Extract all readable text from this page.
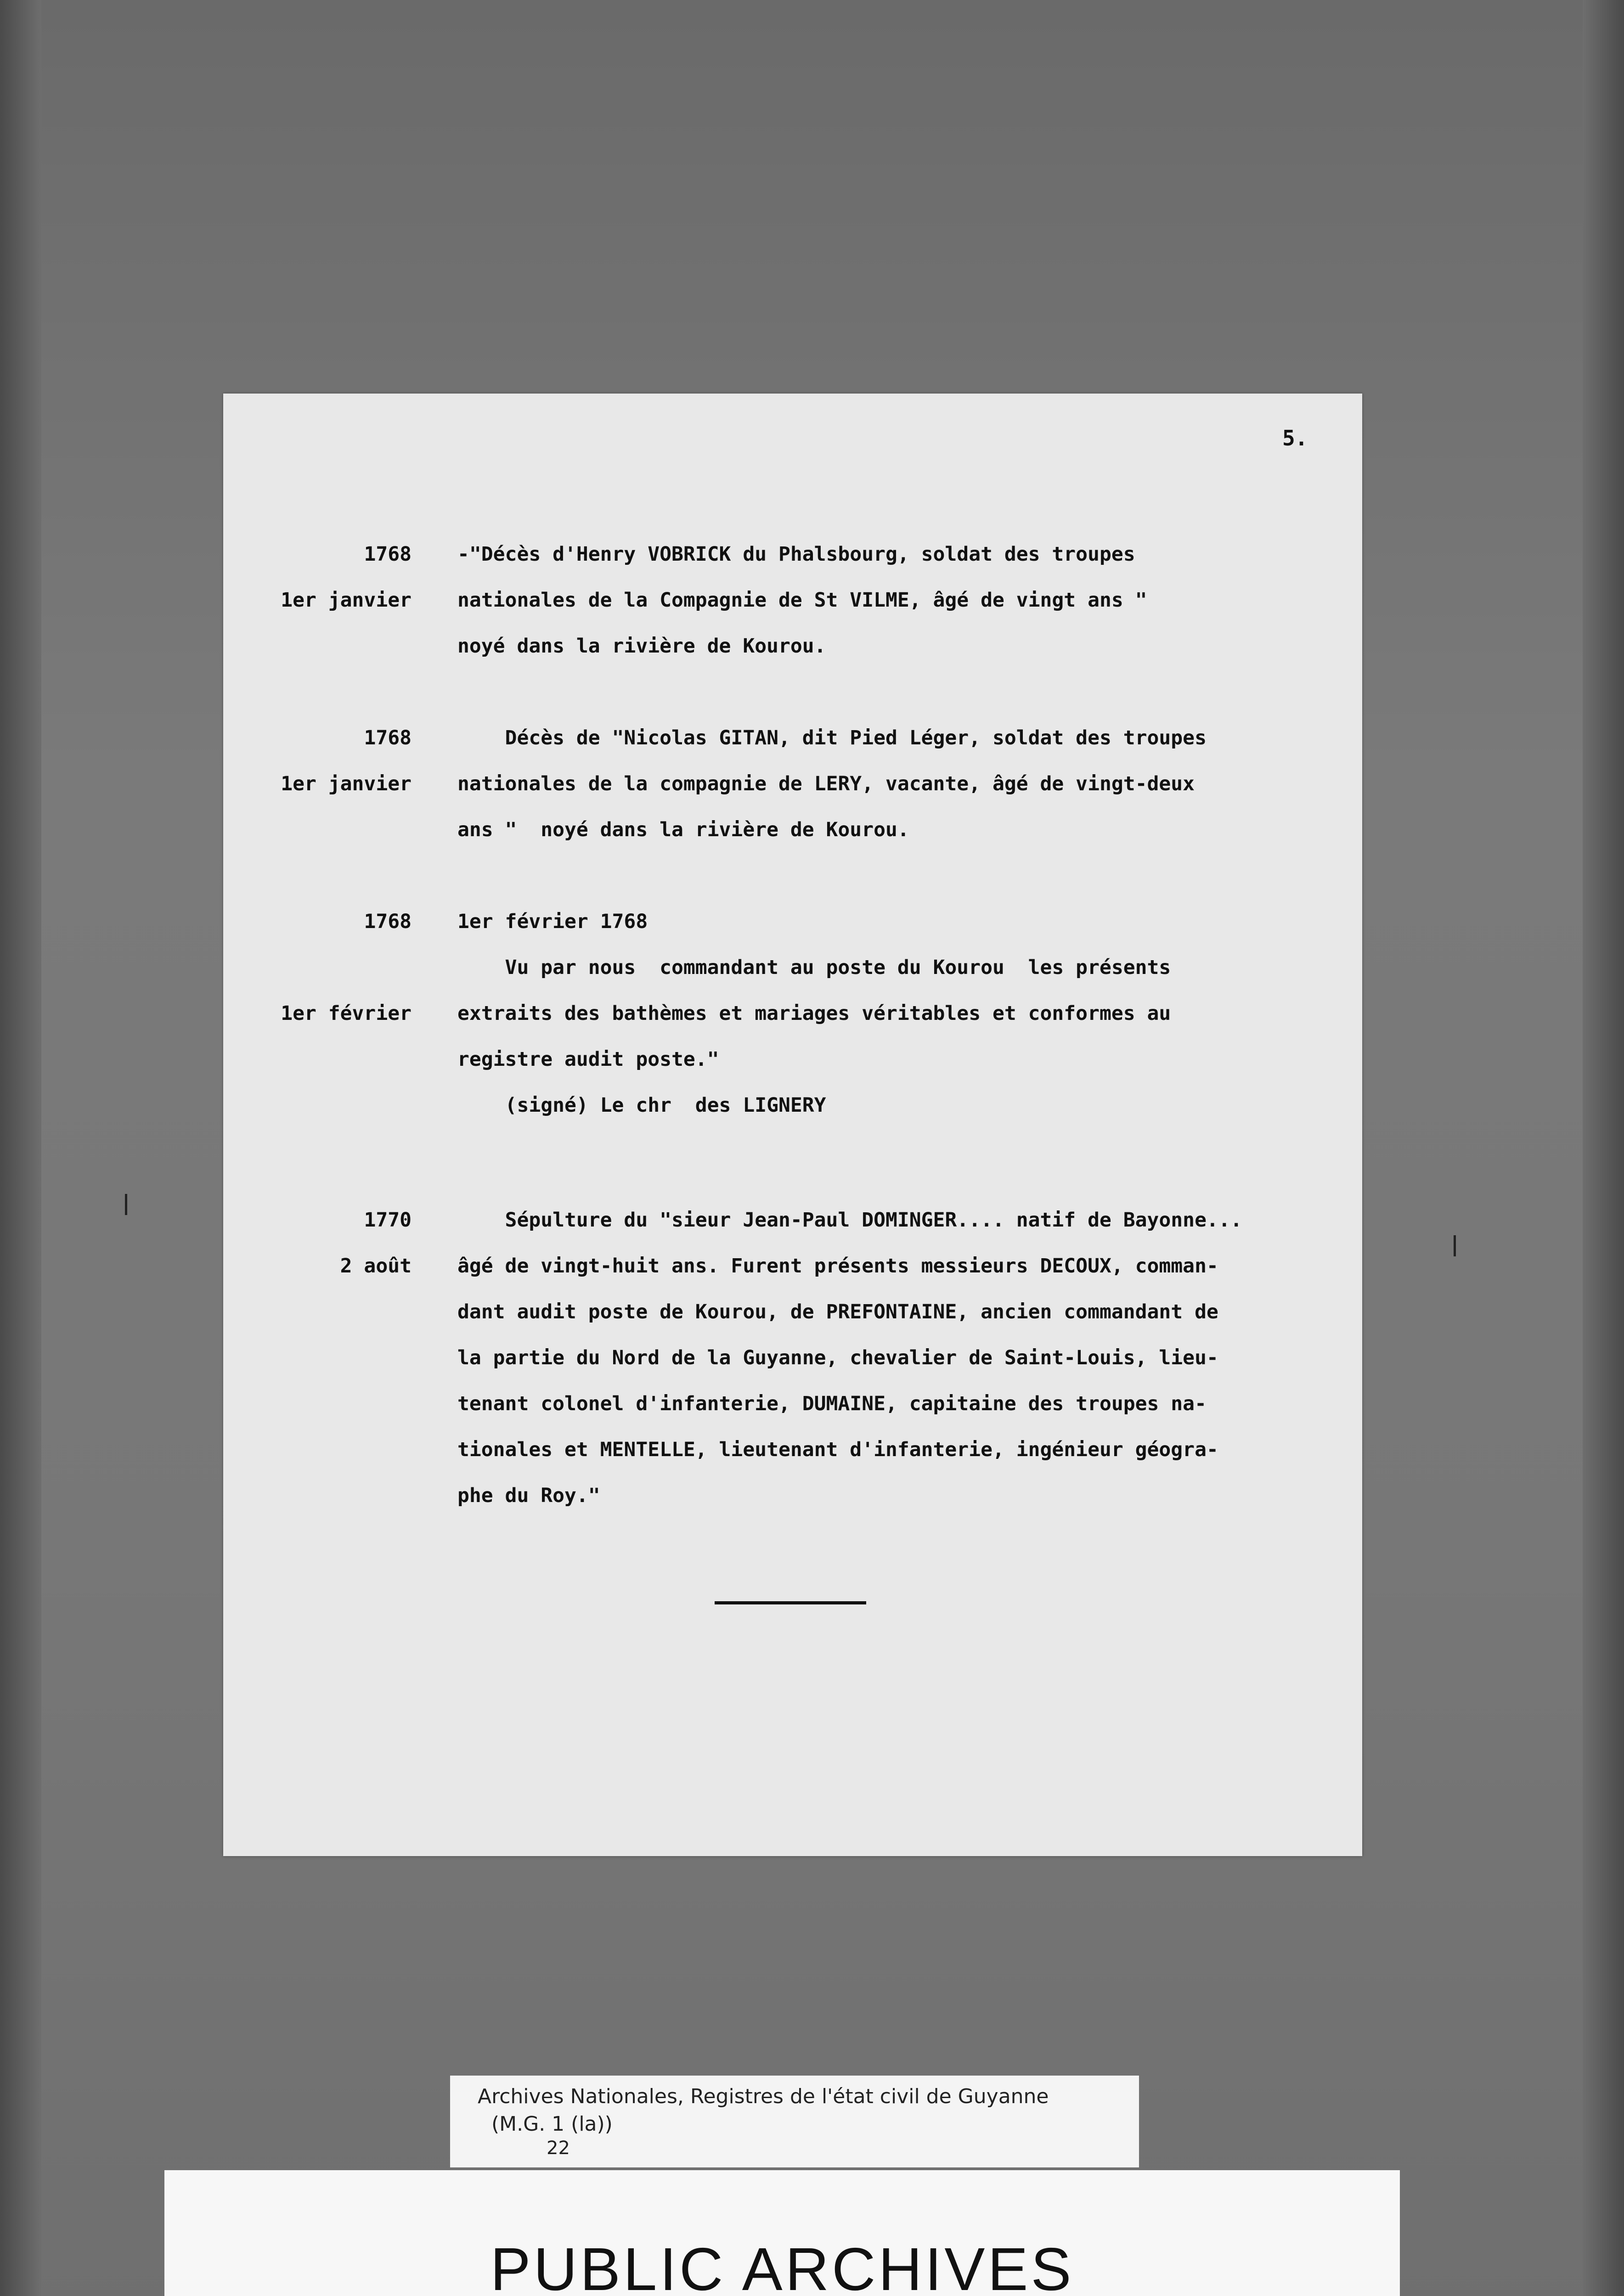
5.
1768
1er janvier
-"Décès d'Henry VOBRICK du Phalsbourg, soldat des troupes
nationales de la Compagnie de St VILME, âgé de vingt ans "
noyé dans la rivière de Kourou.
1768
1er janvier
Décès de "Nicolas GITAN, dit Pied Léger, soldat des troupes
nationales de la compagnie de LERY, vacante, âgé de vingt-deux
ans "  noyé dans la rivière de Kourou.
1768
1er février
1er février 1768
Vu par nous  commandant au poste du Kourou  les présents
extraits des bathèmes et mariages véritables et conformes au
registre audit poste."
(signé) Le chr  des LIGNERY
1770
2 août
Sépulture du "sieur Jean-Paul DOMINGER.... natif de Bayonne...
âgé de vingt-huit ans. Furent présents messieurs DECOUX, comman-
dant audit poste de Kourou, de PREFONTAINE, ancien commandant de
la partie du Nord de la Guyanne, chevalier de Saint-Louis, lieu-
tenant colonel d'infanterie, DUMAINE, capitaine des troupes na-
tionales et MENTELLE, lieutenant d'infanterie, ingénieur géogra-
phe du Roy."
Archives Nationales, Registres de l'état civil de Guyanne
(M.G. 1 (la))
22
PUBLIC ARCHIVES
